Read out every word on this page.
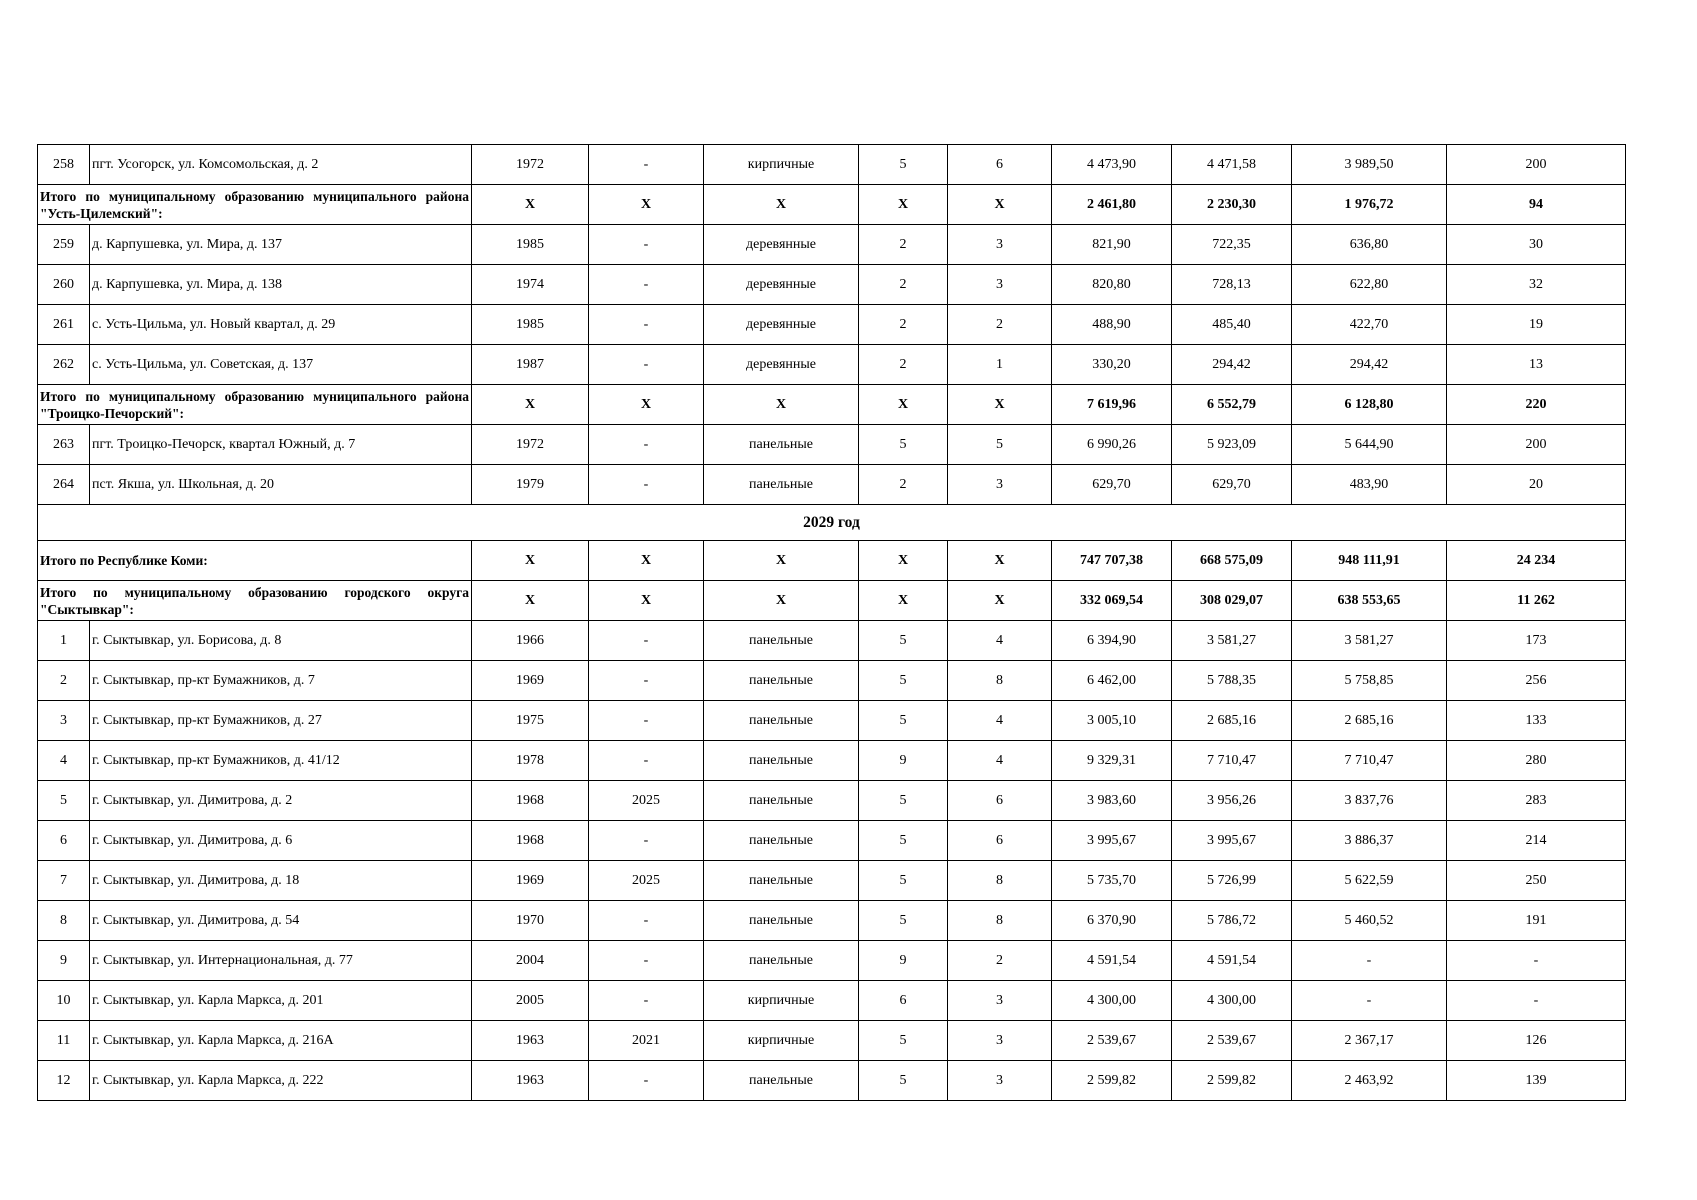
258	пгт. Усогорск, ул. Комсомольская, д. 2	1972	-	кирпичные	5	6	4 473,90	4 471,58	3 989,50	200
Итого по муниципальному образованию муниципального района "Усть-Цилемский":		X	X	X	X	X	2 461,80	2 230,30	1 976,72	94
259	д. Карпушевка, ул. Мира, д. 137	1985	-	деревянные	2	3	821,90	722,35	636,80	30
260	д. Карпушевка, ул. Мира, д. 138	1974	-	деревянные	2	3	820,80	728,13	622,80	32
261	с. Усть-Цильма, ул. Новый квартал, д. 29	1985	-	деревянные	2	2	488,90	485,40	422,70	19
262	с. Усть-Цильма, ул. Советская, д. 137	1987	-	деревянные	2	1	330,20	294,42	294,42	13
Итого по муниципальному образованию муниципального района "Троицко-Печорский":		X	X	X	X	X	7 619,96	6 552,79	6 128,80	220
263	пгт. Троицко-Печорск, квартал Южный, д. 7	1972	-	панельные	5	5	6 990,26	5 923,09	5 644,90	200
264	пст. Якша, ул. Школьная, д. 20	1979	-	панельные	2	3	629,70	629,70	483,90	20
2029 год										
Итого по Республике Коми:		X	X	X	X	X	747 707,38	668 575,09	948 111,91	24 234
Итого по муниципальному образованию городского округа "Сыктывкар":		X	X	X	X	X	332 069,54	308 029,07	638 553,65	11 262
1	г. Сыктывкар, ул. Борисова, д. 8	1966	-	панельные	5	4	6 394,90	3 581,27	3 581,27	173
2	г. Сыктывкар, пр-кт Бумажников, д. 7	1969	-	панельные	5	8	6 462,00	5 788,35	5 758,85	256
3	г. Сыктывкар, пр-кт Бумажников, д. 27	1975	-	панельные	5	4	3 005,10	2 685,16	2 685,16	133
4	г. Сыктывкар, пр-кт Бумажников, д. 41/12	1978	-	панельные	9	4	9 329,31	7 710,47	7 710,47	280
5	г. Сыктывкар, ул. Димитрова, д. 2	1968	2025	панельные	5	6	3 983,60	3 956,26	3 837,76	283
6	г. Сыктывкар, ул. Димитрова, д. 6	1968	-	панельные	5	6	3 995,67	3 995,67	3 886,37	214
7	г. Сыктывкар, ул. Димитрова, д. 18	1969	2025	панельные	5	8	5 735,70	5 726,99	5 622,59	250
8	г. Сыктывкар, ул. Димитрова, д. 54	1970	-	панельные	5	8	6 370,90	5 786,72	5 460,52	191
9	г. Сыктывкар, ул. Интернациональная, д. 77	2004	-	панельные	9	2	4 591,54	4 591,54	-	-
10	г. Сыктывкар, ул. Карла Маркса, д. 201	2005	-	кирпичные	6	3	4 300,00	4 300,00	-	-
11	г. Сыктывкар, ул. Карла Маркса, д. 216А	1963	2021	кирпичные	5	3	2 539,67	2 539,67	2 367,17	126
12	г. Сыктывкар, ул. Карла Маркса, д. 222	1963	-	панельные	5	3	2 599,82	2 599,82	2 463,92	139
